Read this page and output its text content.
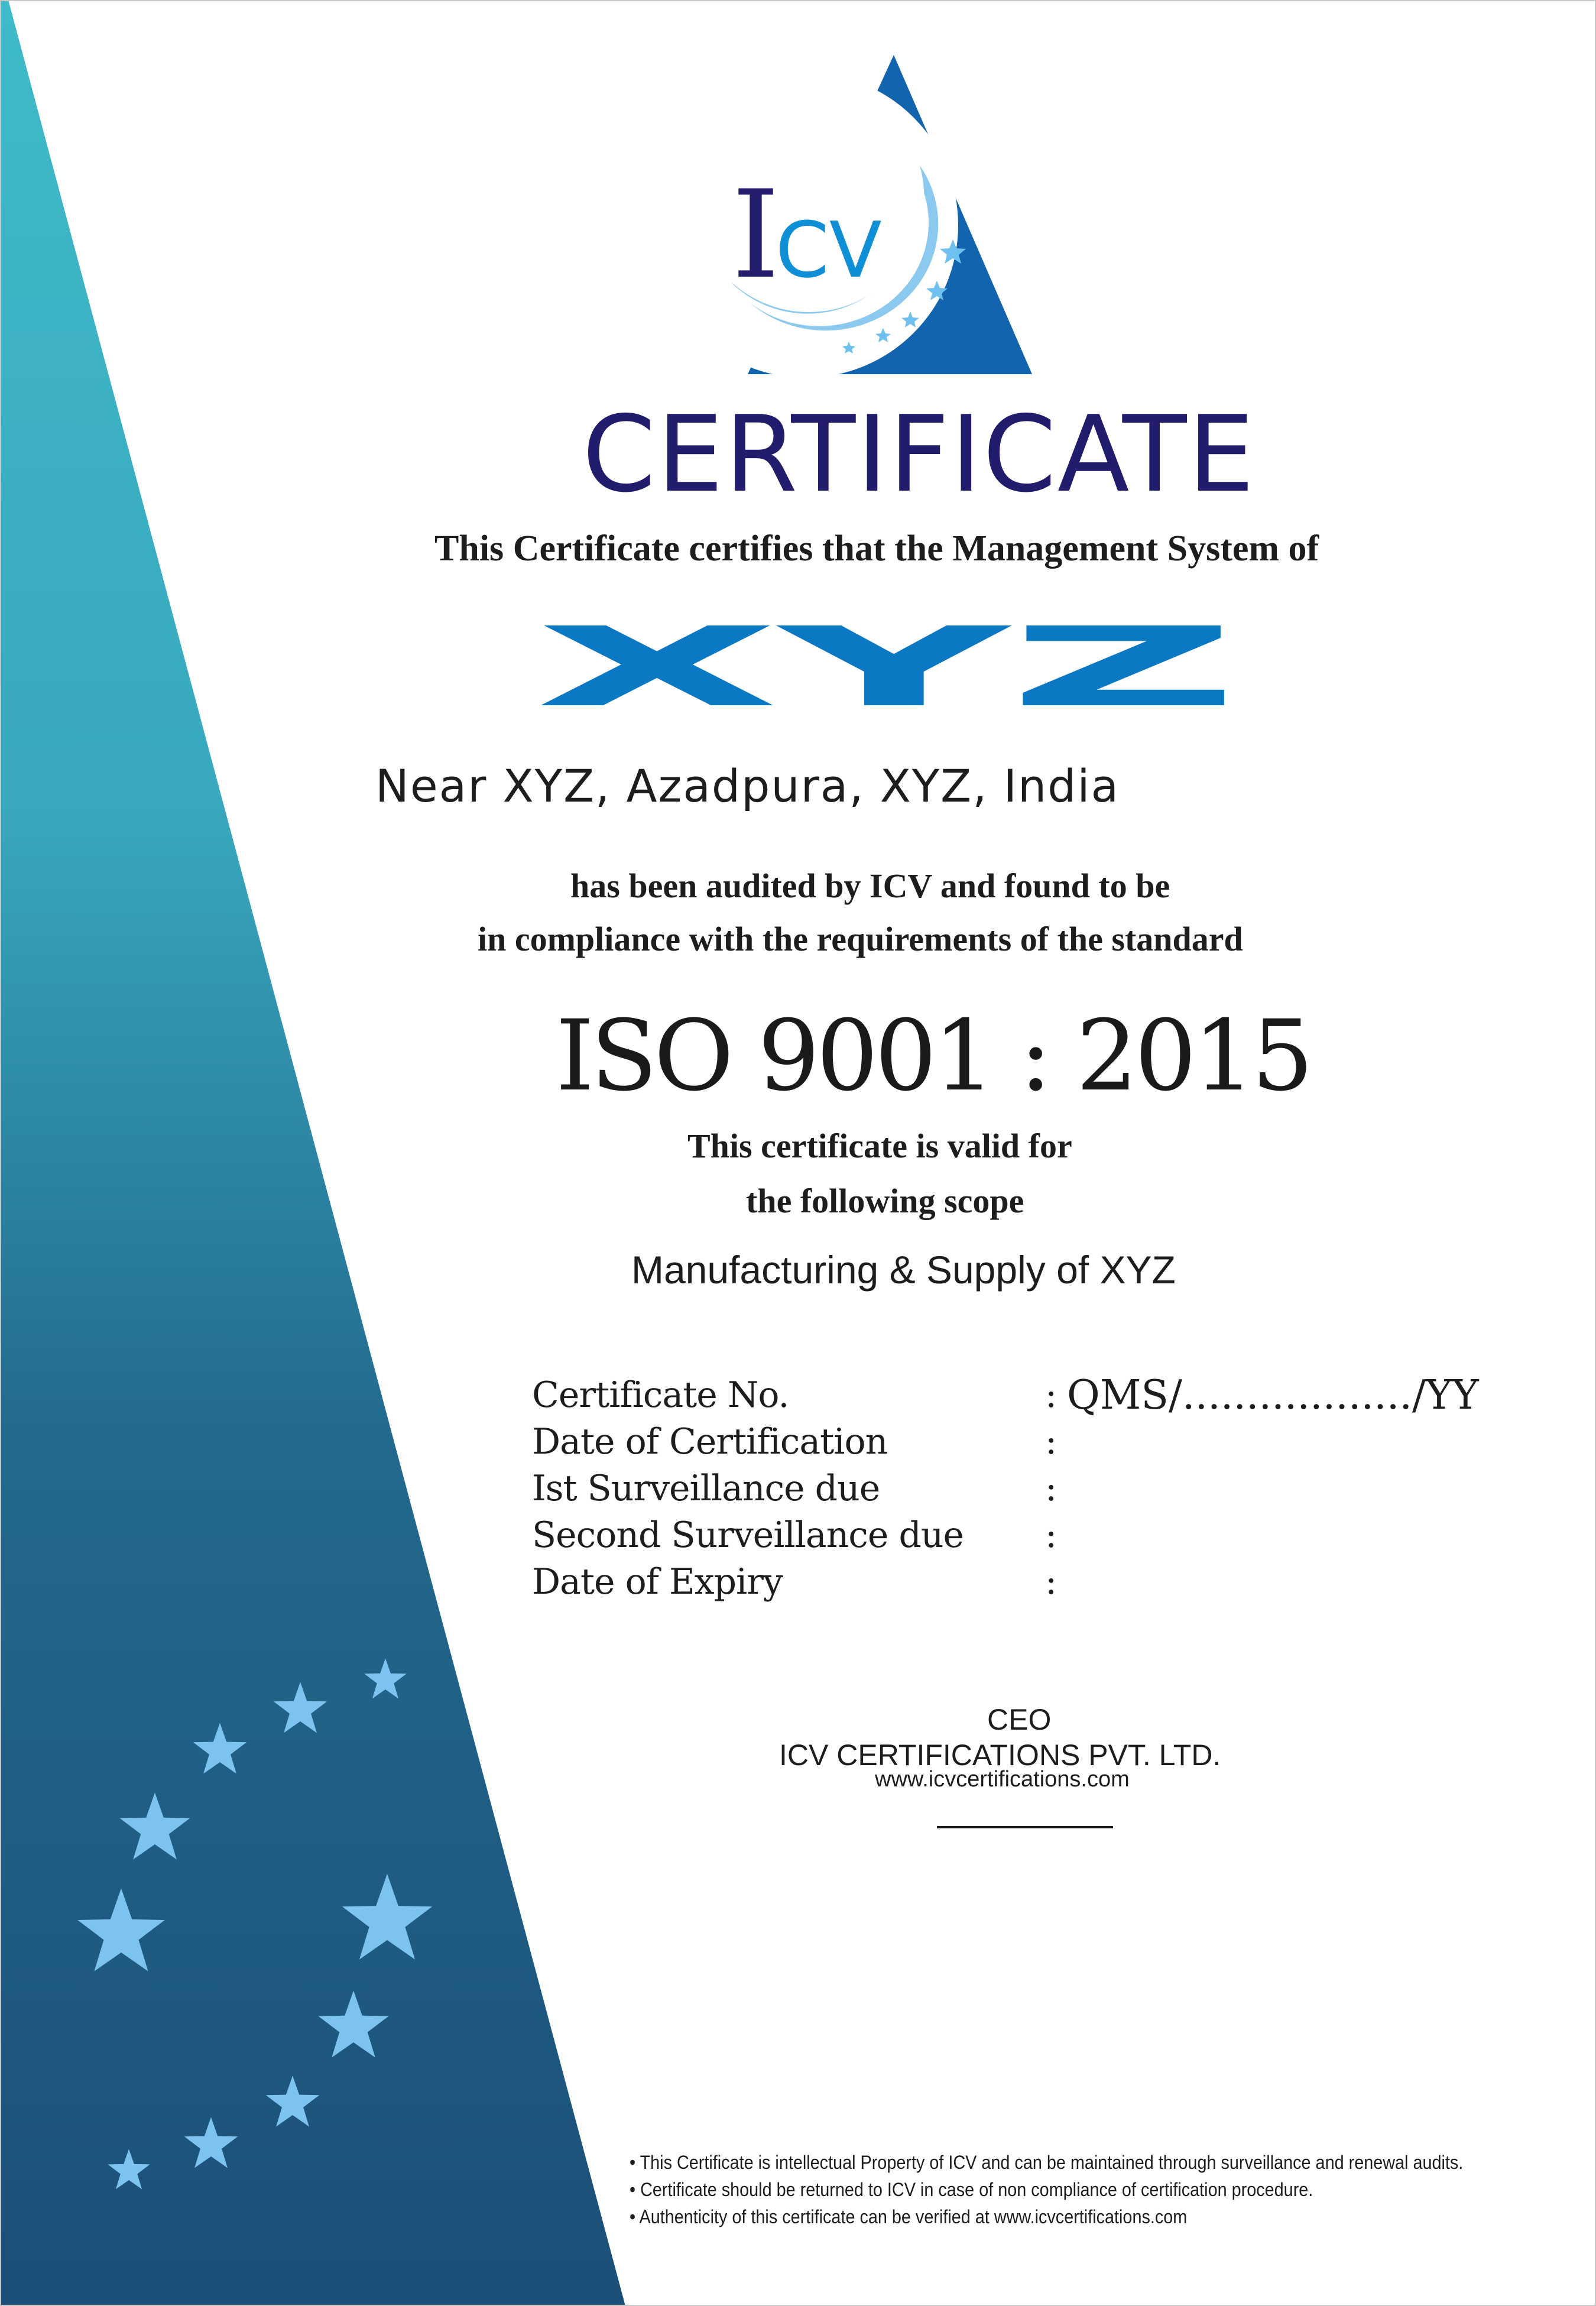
I
CV
CERTIFICATE
This Certificate certifies that the Management System of
XYZ
Near XYZ, Azadpura, XYZ, India
has been audited by ICV and found to be
in compliance with the requirements of the standard
ISO 9001 : 2015
This certificate is valid for
the following scope
Manufacturing & Supply of XYZ
Certificate No.	: QMS/................../YY
Date of Certification	:
Ist Surveillance due	:
Second Surveillance due :
Date of Expiry	:
CEO
ICV CERTIFICATIONS PVT. LTD.
www.icvcertifications.com
• This Certificate is intellectual Property of ICV and can be maintained through surveillance and renewal audits.
• Certificate should be returned to ICV in case of non compliance of certification procedure.
• Authenticity of this certificate can be verified at www.icvcertifications.com
